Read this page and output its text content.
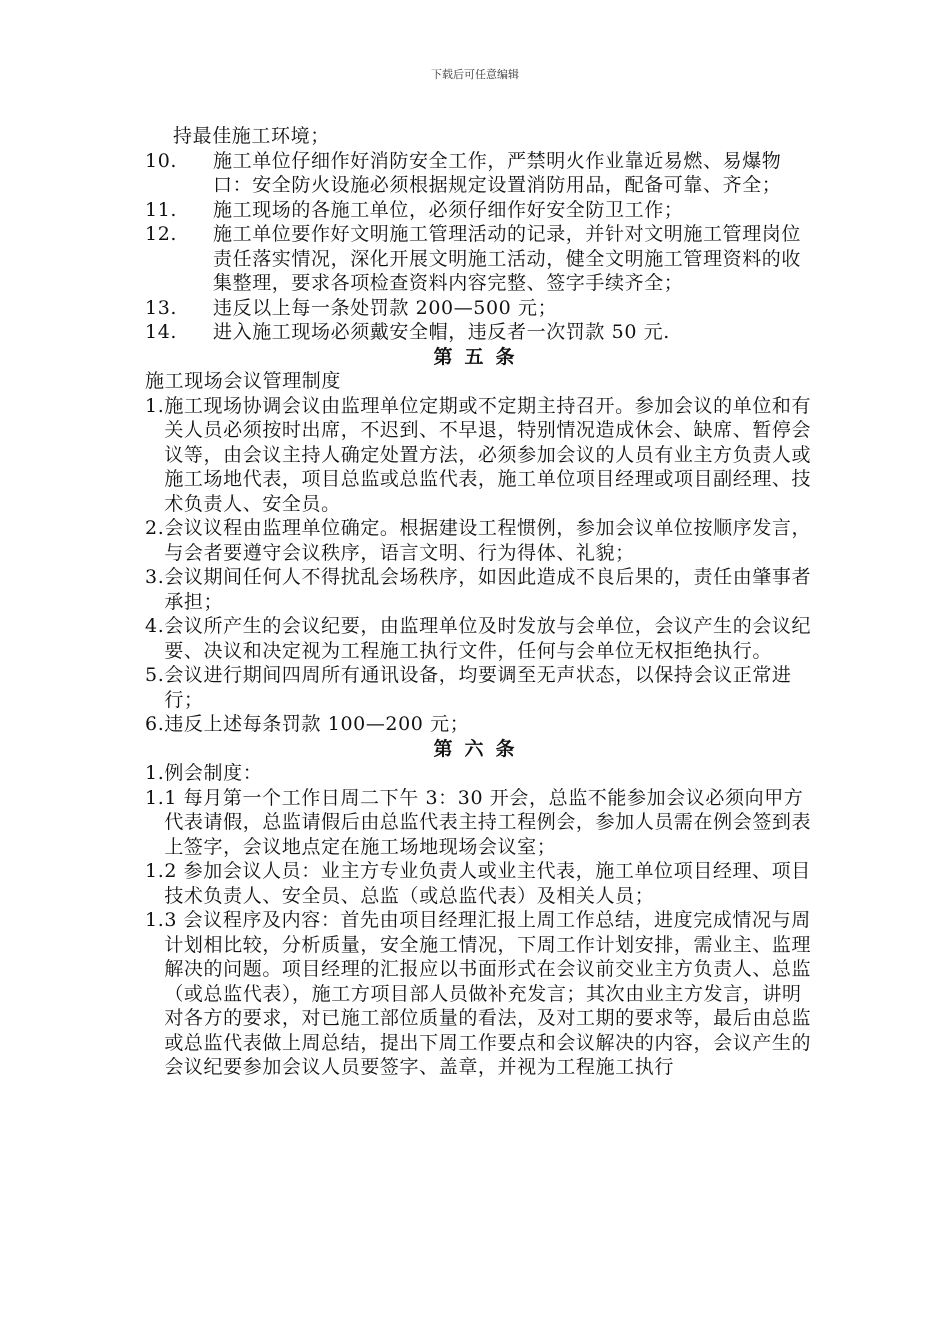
下载后可任意编辑
持最佳施工环境；
10.	施工单位仔细作好消防安全工作，严禁明火作业靠近易燃、易爆物口：安全防火设施必须根据规定设置消防用品，配备可靠、齐全；
11.	施工现场的各施工单位，必须仔细作好安全防卫工作；
12.	施工单位要作好文明施工管理活动的记录，并针对文明施工管理岗位责任落实情况，深化开展文明施工活动，健全文明施工管理资料的收集整理，要求各项检查资料内容完整、签字手续齐全；
13.	违反以上每一条处罚款 200—500 元；
14.	进入施工现场必须戴安全帽，违反者一次罚款 50 元.
第五条
施工现场会议管理制度
1. 施工现场协调会议由监理单位定期或不定期主持召开。参加会议的单位和有关人员必须按时出席，不迟到、不早退，特别情况造成休会、缺席、暂停会议等，由会议主持人确定处置方法，必须参加会议的人员有业主方负责人或施工场地代表，项目总监或总监代表，施工单位项目经理或项目副经理、技术负责人、安全员。
2. 会议议程由监理单位确定。根据建设工程惯例，参加会议单位按顺序发言，与会者要遵守会议秩序，语言文明、行为得体、礼貌；
3. 会议期间任何人不得扰乱会场秩序，如因此造成不良后果的，责任由肇事者承担；
4. 会议所产生的会议纪要，由监理单位及时发放与会单位，会议产生的会议纪要、决议和决定视为工程施工执行文件，任何与会单位无权拒绝执行。
5. 会议进行期间四周所有通讯设备，均要调至无声状态，以保持会议正常进行；
6. 违反上述每条罚款 100—200 元；
第六条
1. 例会制度：
1. 1 每月第一个工作日周二下午 3：30 开会，总监不能参加会议必须向甲方代表请假，总监请假后由总监代表主持工程例会，参加人员需在例会签到表上签字，会议地点定在施工场地现场会议室；
1. 2 参加会议人员：业主方专业负责人或业主代表，施工单位项目经理、项目技术负责人、安全员、总监（或总监代表）及相关人员；
1. 3 会议程序及内容：首先由项目经理汇报上周工作总结，进度完成情况与周计划相比较，分析质量，安全施工情况，下周工作计划安排，需业主、监理解决的问题。项目经理的汇报应以书面形式在会议前交业主方负责人、总监（或总监代表），施工方项目部人员做补充发言；其次由业主方发言，讲明对各方的要求，对已施工部位质量的看法，及对工期的要求等，最后由总监或总监代表做上周总结，提出下周工作要点和会议解决的内容，会议产生的会议纪要参加会议人员要签字、盖章，并视为工程施工执行
